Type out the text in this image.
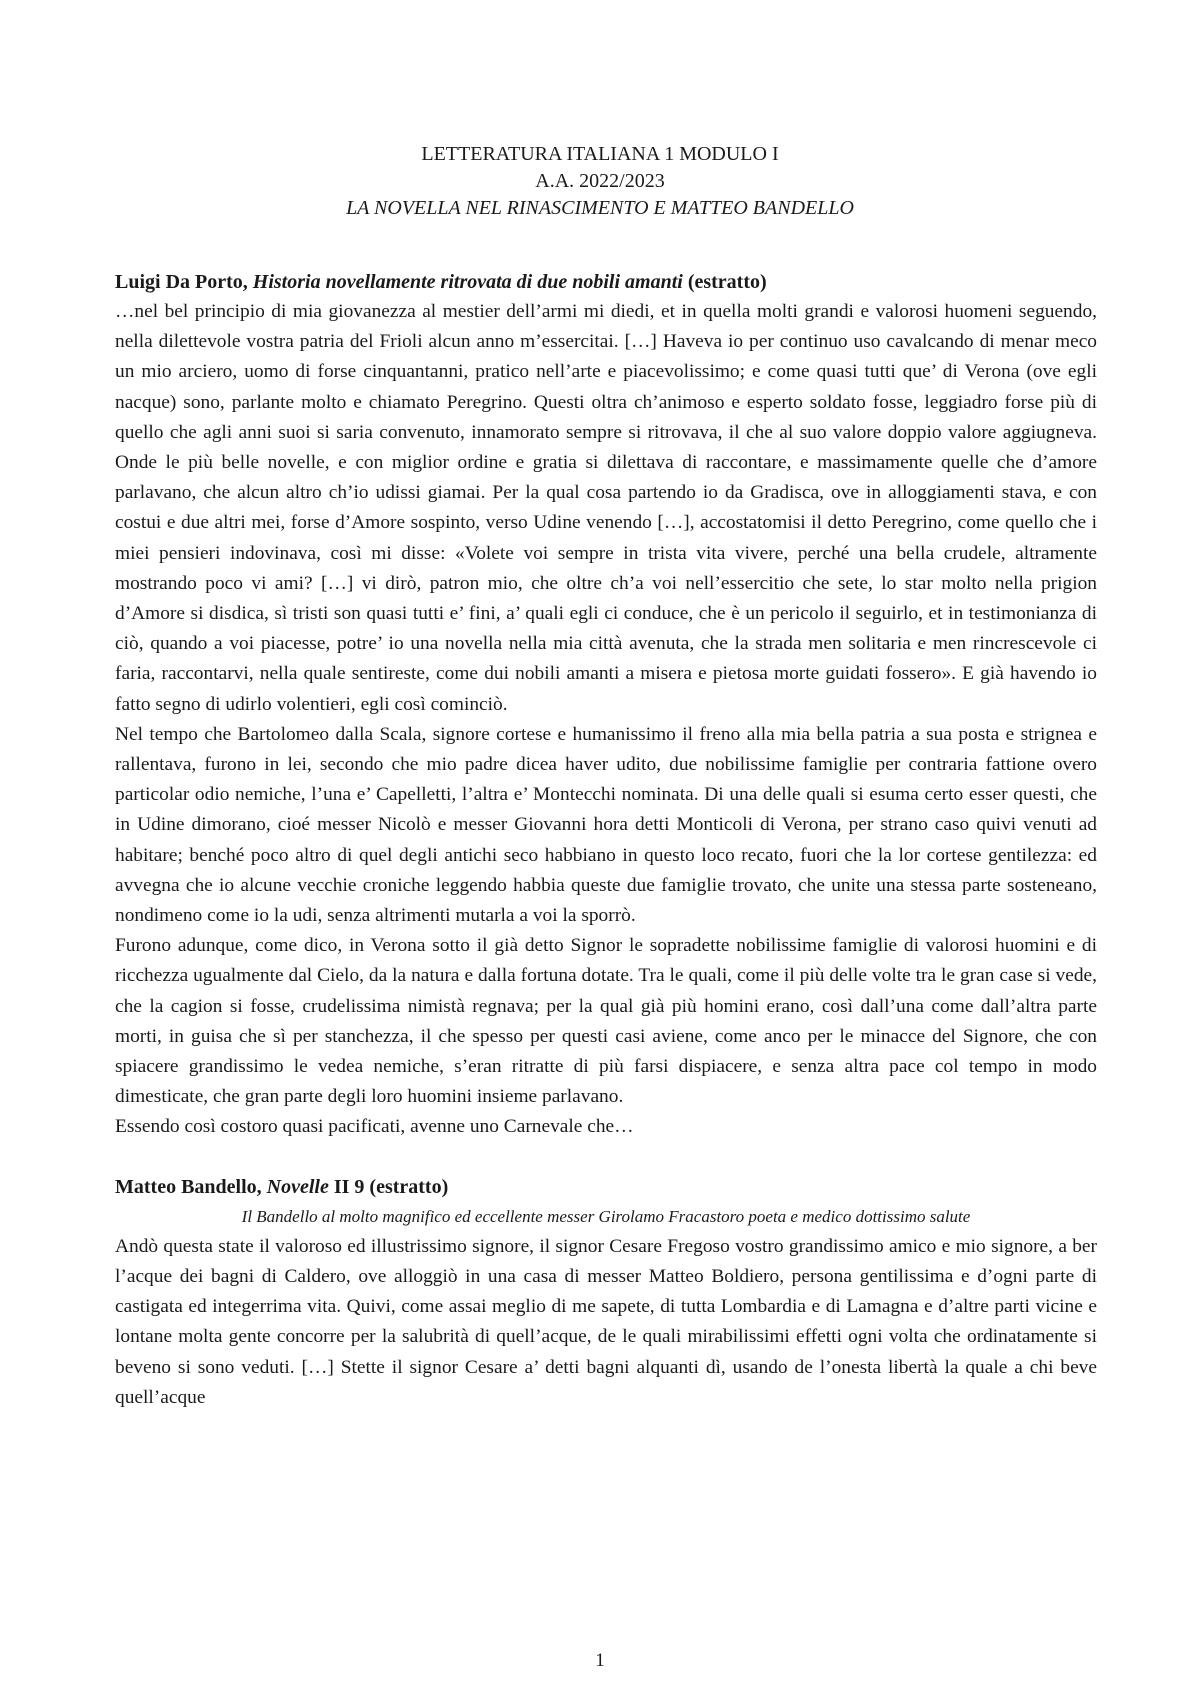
LETTERATURA ITALIANA 1 MODULO I
A.A. 2022/2023
LA NOVELLA NEL RINASCIMENTO E MATTEO BANDELLO
Luigi Da Porto, Historia novellamente ritrovata di due nobili amanti (estratto)

…nel bel principio di mia giovanezza al mestier dell’armi mi diedi, et in quella molti grandi e valorosi huomeni seguendo, nella dilettevole vostra patria del Frioli alcun anno m’essercitai. […] Haveva io per continuo uso cavalcando di menar meco un mio arciero, uomo di forse cinquantanni, pratico nell’arte e piacevolissimo; e come quasi tutti que’ di Verona (ove egli nacque) sono, parlante molto e chiamato Peregrino. Questi oltra ch’animoso e esperto soldato fosse, leggiadro forse più di quello che agli anni suoi si saria convenuto, innamorato sempre si ritrovava, il che al suo valore doppio valore aggiugneva. Onde le più belle novelle, e con miglior ordine e gratia si dilettava di raccontare, e massimamente quelle che d’amore parlavano, che alcun altro ch’io udissi giamai. Per la qual cosa partendo io da Gradisca, ove in alloggiamenti stava, e con costui e due altri mei, forse d’Amore sospinto, verso Udine venendo […], accostatomisi il detto Peregrino, come quello che i miei pensieri indovinava, così mi disse: «Volete voi sempre in trista vita vivere, perché una bella crudele, altramente mostrando poco vi ami? […] vi dirò, patron mio, che oltre ch’a voi nell’essercitio che sete, lo star molto nella prigion d’Amore si disdica, sì tristi son quasi tutti e’ fini, a’ quali egli ci conduce, che è un pericolo il seguirlo, et in testimonianza di ciò, quando a voi piacesse, potre’ io una novella nella mia città avenuta, che la strada men solitaria e men rincrescevole ci faria, raccontarvi, nella quale sentireste, come dui nobili amanti a misera e pietosa morte guidati fossero». E già havendo io fatto segno di udirlo volentieri, egli così cominciò.

Nel tempo che Bartolomeo dalla Scala, signore cortese e humanissimo il freno alla mia bella patria a sua posta e strignea e rallentava, furono in lei, secondo che mio padre dicea haver udito, due nobilissime famiglie per contraria fattione overo particolar odio nemiche, l’una e’ Capelletti, l’altra e’ Montecchi nominata. Di una delle quali si esuma certo esser questi, che in Udine dimorano, cioé messer Nicolò e messer Giovanni hora detti Monticoli di Verona, per strano caso quivi venuti ad habitare; benché poco altro di quel degli antichi seco habbiano in questo loco recato, fuori che la lor cortese gentilezza: ed avvegna che io alcune vecchie croniche leggendo habbia queste due famiglie trovato, che unite una stessa parte sosteneano, nondimeno come io la udi, senza altrimenti mutarla a voi la sporrò.

Furono adunque, come dico, in Verona sotto il già detto Signor le sopradette nobilissime famiglie di valorosi huomini e di ricchezza ugualmente dal Cielo, da la natura e dalla fortuna dotate. Tra le quali, come il più delle volte tra le gran case si vede, che la cagion si fosse, crudelissima nimistà regnava; per la qual già più homini erano, così dall’una come dall’altra parte morti, in guisa che sì per stanchezza, il che spesso per questi casi aviene, come anco per le minacce del Signore, che con spiacere grandissimo le vedea nemiche, s’eran ritratte di più farsi dispiacere, e senza altra pace col tempo in modo dimesticate, che gran parte degli loro huomini insieme parlavano.

Essendo così costoro quasi pacificati, avenne uno Carnevale che…

Matteo Bandello, Novelle II 9 (estratto)

Il Bandello al molto magnifico ed eccellente messer Girolamo Fracastoro poeta e medico dottissimo salute

Andò questa state il valoroso ed illustrissimo signore, il signor Cesare Fregoso vostro grandissimo amico e mio signore, a ber l’acque dei bagni di Caldero, ove alloggiò in una casa di messer Matteo Boldiero, persona gentilissima e d’ogni parte di castigata ed integerrima vita. Quivi, come assai meglio di me sapete, di tutta Lombardia e di Lamagna e d’altre parti vicine e lontane molta gente concorre per la salubrità di quell’acque, de le quali mirabilissimi effetti ogni volta che ordinatamente si beveno si sono veduti. […] Stette il signor Cesare a’ detti bagni alquanti dì, usando de l’onesta libertà la quale a chi beve quell’acque

1
